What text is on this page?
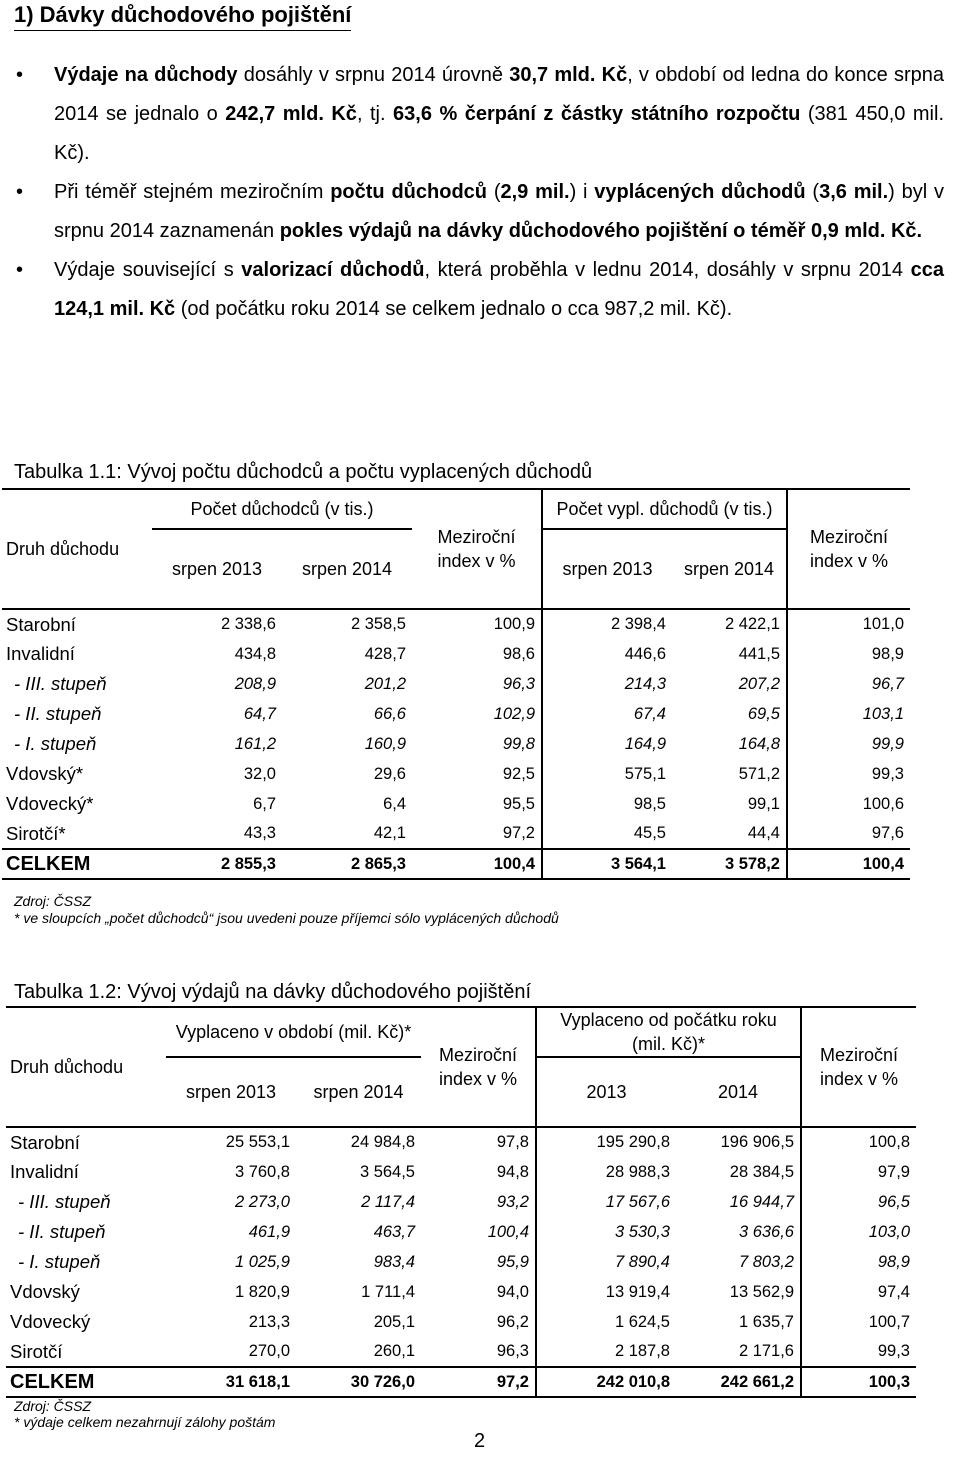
1) Dávky důchodového pojištění
• Výdaje na důchody dosáhly v srpnu 2014 úrovně 30,7 mld. Kč, v období od ledna do konce srpna 2014 se jednalo o 242,7 mld. Kč, tj. 63,6 % čerpání z částky státního rozpočtu (381 450,0 mil. Kč).
• Při téměř stejném meziročním počtu důchodců (2,9 mil.) i vyplácených důchodů (3,6 mil.) byl v srpnu 2014 zaznamenán pokles výdajů na dávky důchodového pojištění o téměř 0,9 mld. Kč.
• Výdaje související s valorizací důchodů, která proběhla v lednu 2014, dosáhly v srpnu 2014 cca 124,1 mil. Kč (od počátku roku 2014 se celkem jednalo o cca 987,2 mil. Kč).
Tabulka 1.1: Vývoj počtu důchodců a počtu vyplacených důchodů
Druh důchodu	Počet důchodců (v tis.)		Meziroční index v %	Počet vypl. důchodů (v tis.)		Meziroční index v %
	srpen 2013	srpen 2014		srpen 2013	srpen 2014	
Starobní	2 338,6	2 358,5	100,9	2 398,4	2 422,1	101,0
Invalidní	434,8	428,7	98,6	446,6	441,5	98,9
- III. stupeň	208,9	201,2	96,3	214,3	207,2	96,7
- II. stupeň	64,7	66,6	102,9	67,4	69,5	103,1
- I. stupeň	161,2	160,9	99,8	164,9	164,8	99,9
Vdovský*	32,0	29,6	92,5	575,1	571,2	99,3
Vdovecký*	6,7	6,4	95,5	98,5	99,1	100,6
Sirotčí*	43,3	42,1	97,2	45,5	44,4	97,6
CELKEM	2 855,3	2 865,3	100,4	3 564,1	3 578,2	100,4
Zdroj: ČSSZ
* ve sloupcích „počet důchodců“ jsou uvedeni pouze příjemci sólo vyplácených důchodů
Tabulka 1.2: Vývoj výdajů na dávky důchodového pojištění
Druh důchodu	Vyplaceno v období (mil. Kč)*		Meziroční index v %	Vyplaceno od počátku roku (mil. Kč)*		Meziroční index v %
	srpen 2013	srpen 2014		2013	2014	
Starobní	25 553,1	24 984,8	97,8	195 290,8	196 906,5	100,8
Invalidní	3 760,8	3 564,5	94,8	28 988,3	28 384,5	97,9
- III. stupeň	2 273,0	2 117,4	93,2	17 567,6	16 944,7	96,5
- II. stupeň	461,9	463,7	100,4	3 530,3	3 636,6	103,0
- I. stupeň	1 025,9	983,4	95,9	7 890,4	7 803,2	98,9
Vdovský	1 820,9	1 711,4	94,0	13 919,4	13 562,9	97,4
Vdovecký	213,3	205,1	96,2	1 624,5	1 635,7	100,7
Sirotčí	270,0	260,1	96,3	2 187,8	2 171,6	99,3
CELKEM	31 618,1	30 726,0	97,2	242 010,8	242 661,2	100,3
Zdroj: ČSSZ
* výdaje celkem nezahrnují zálohy poštám
2
